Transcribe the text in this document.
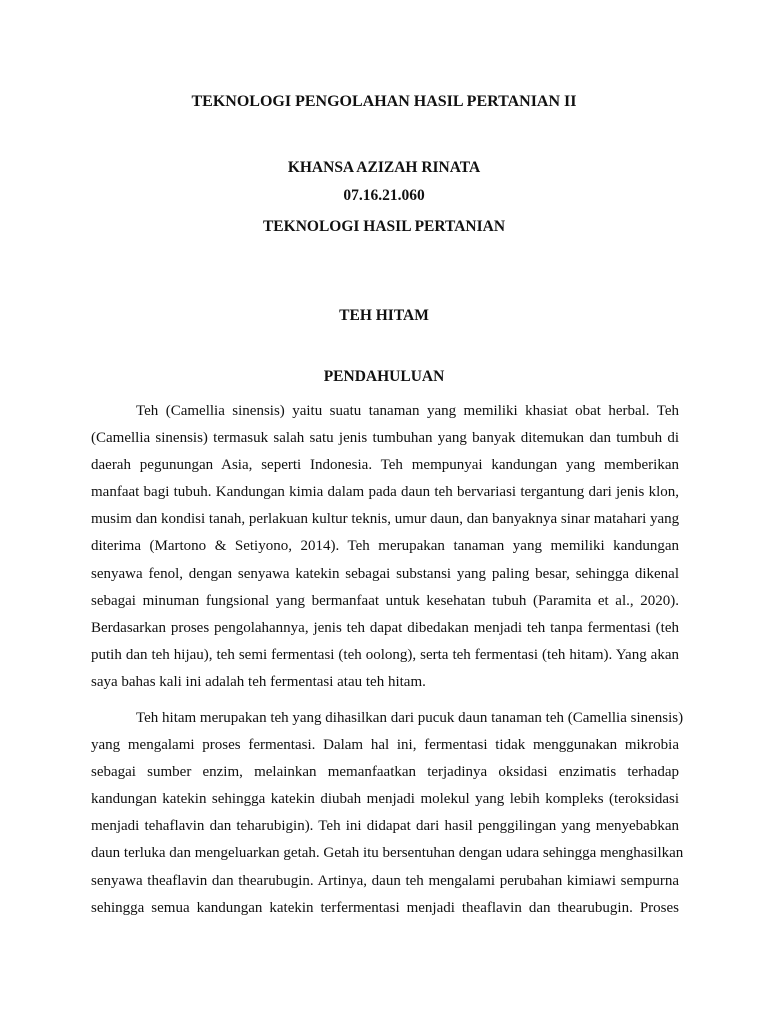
TEKNOLOGI PENGOLAHAN HASIL PERTANIAN II
KHANSA AZIZAH RINATA
07.16.21.060
TEKNOLOGI HASIL PERTANIAN
TEH HITAM
PENDAHULUAN
Teh (Camellia sinensis) yaitu suatu tanaman yang memiliki khasiat obat herbal. Teh
(Camellia sinensis) termasuk salah satu jenis tumbuhan yang banyak ditemukan dan tumbuh di
daerah pegunungan Asia, seperti Indonesia. Teh mempunyai kandungan yang memberikan
manfaat bagi tubuh. Kandungan kimia dalam pada daun teh bervariasi tergantung dari jenis klon,
musim dan kondisi tanah, perlakuan kultur teknis, umur daun, dan banyaknya sinar matahari yang
diterima (Martono & Setiyono, 2014). Teh merupakan tanaman yang memiliki kandungan
senyawa fenol, dengan senyawa katekin sebagai substansi yang paling besar, sehingga dikenal
sebagai minuman fungsional yang bermanfaat untuk kesehatan tubuh (Paramita et al., 2020).
Berdasarkan proses pengolahannya, jenis teh dapat dibedakan menjadi teh tanpa fermentasi (teh
putih dan teh hijau), teh semi fermentasi (teh oolong), serta teh fermentasi (teh hitam). Yang akan
saya bahas kali ini adalah teh fermentasi atau teh hitam.
Teh hitam merupakan teh yang dihasilkan dari pucuk daun tanaman teh (Camellia sinensis)
yang mengalami proses fermentasi. Dalam hal ini, fermentasi tidak menggunakan mikrobia
sebagai sumber enzim, melainkan memanfaatkan terjadinya oksidasi enzimatis terhadap
kandungan katekin sehingga katekin diubah menjadi molekul yang lebih kompleks (teroksidasi
menjadi tehaflavin dan teharubigin). Teh ini didapat dari hasil penggilingan yang menyebabkan
daun terluka dan mengeluarkan getah. Getah itu bersentuhan dengan udara sehingga menghasilkan
senyawa theaflavin dan thearubugin. Artinya, daun teh mengalami perubahan kimiawi sempurna
sehingga semua kandungan katekin terfermentasi menjadi theaflavin dan thearubugin. Proses
